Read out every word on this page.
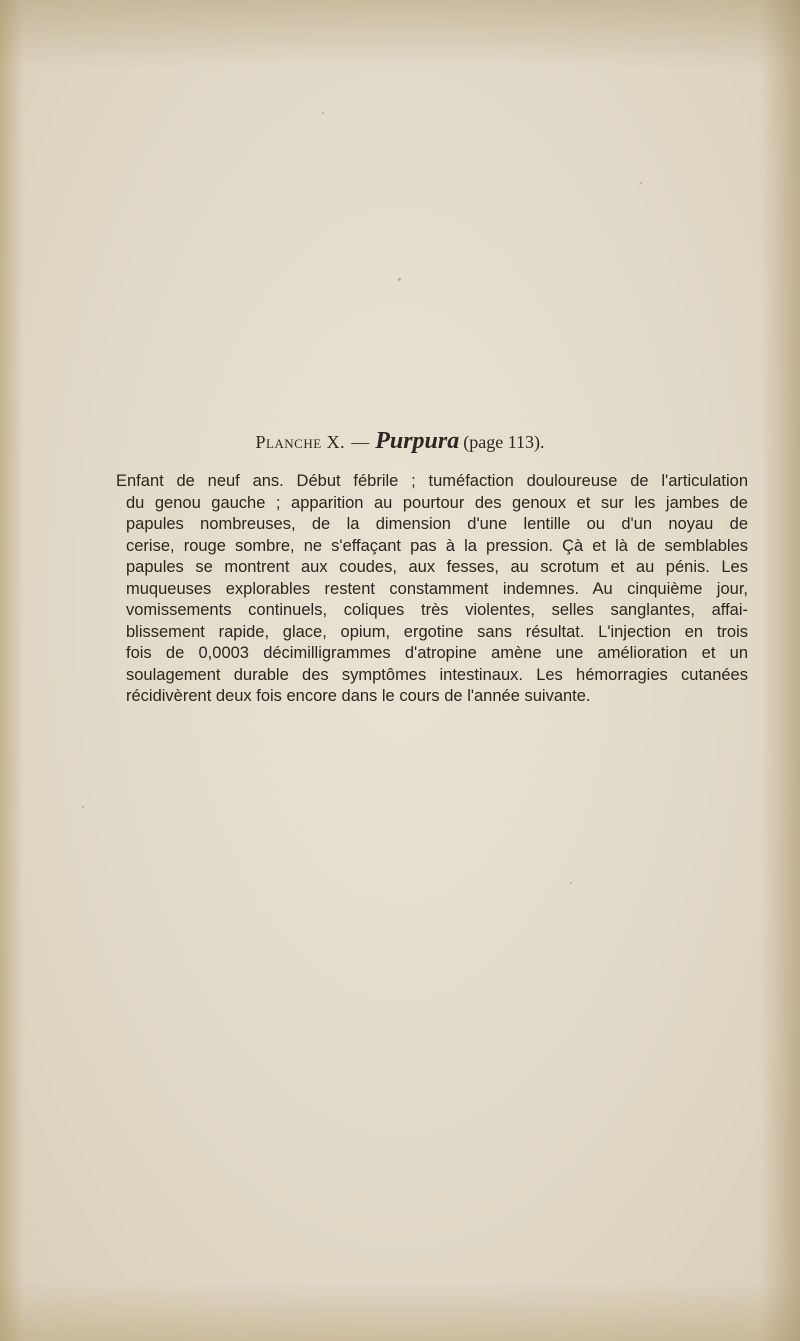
Planche X. — Purpura (page 113).
Enfant de neuf ans. Début fébrile ; tuméfaction douloureuse de l'articulation
du genou gauche ; apparition au pourtour des genoux et sur les jambes de
papules nombreuses, de la dimension d'une lentille ou d'un noyau de
cerise, rouge sombre, ne s'effaçant pas à la pression. Çà et là de semblables
papules se montrent aux coudes, aux fesses, au scrotum et au pénis. Les
muqueuses explorables restent constamment indemnes. Au cinquième jour,
vomissements continuels, coliques très violentes, selles sanglantes, affai-
blissement rapide, glace, opium, ergotine sans résultat. L'injection en trois
fois de 0,0003 décimilligrammes d'atropine amène une amélioration et un
soulagement durable des symptômes intestinaux. Les hémorragies cutanées
récidivèrent deux fois encore dans le cours de l'année suivante.
